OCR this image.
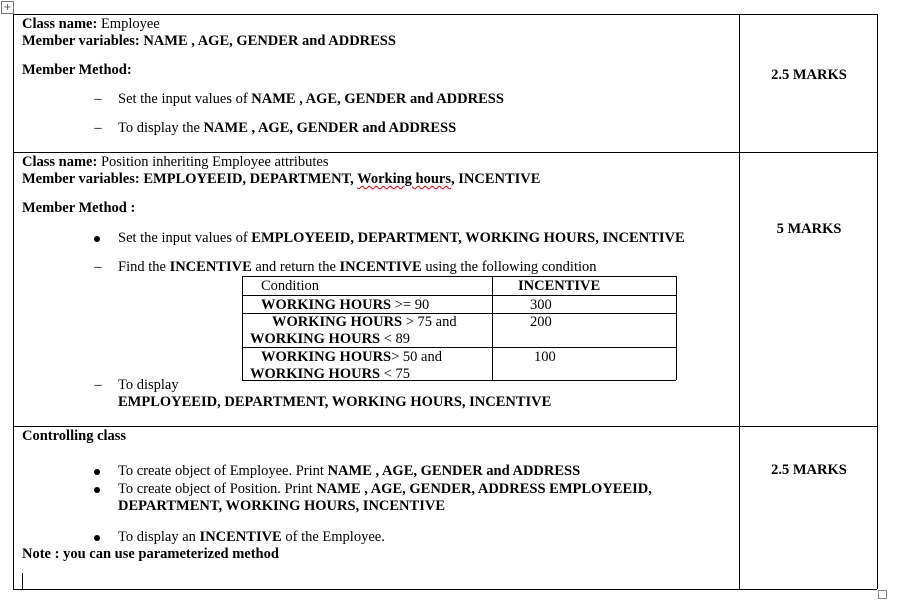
+
Class name: Employee
Member variables: NAME , AGE, GENDER and ADDRESS
Member Method:
– Set the input values of NAME , AGE, GENDER and ADDRESS
– To display the NAME , AGE, GENDER and ADDRESS
2.5 MARKS
Class name: Position inheriting Employee attributes
Member variables: EMPLOYEEID, DEPARTMENT, Working hours, INCENTIVE
Member Method :
Set the input values of EMPLOYEEID, DEPARTMENT, WORKING HOURS, INCENTIVE
– Find the INCENTIVE and return the INCENTIVE using the following condition
Condition	INCENTIVE
WORKING HOURS >= 90	300
WORKING HOURS > 75 and
WORKING HOURS < 89
200
WORKING HOURS> 50 and
WORKING HOURS < 75
100
– To display
EMPLOYEEID, DEPARTMENT, WORKING HOURS, INCENTIVE
5 MARKS
Controlling class
To create object of Employee. Print NAME , AGE, GENDER and ADDRESS
To create object of Position. Print NAME , AGE, GENDER, ADDRESS EMPLOYEEID,
DEPARTMENT, WORKING HOURS, INCENTIVE
To display an INCENTIVE of the Employee.
Note : you can use parameterized method
2.5 MARKS
